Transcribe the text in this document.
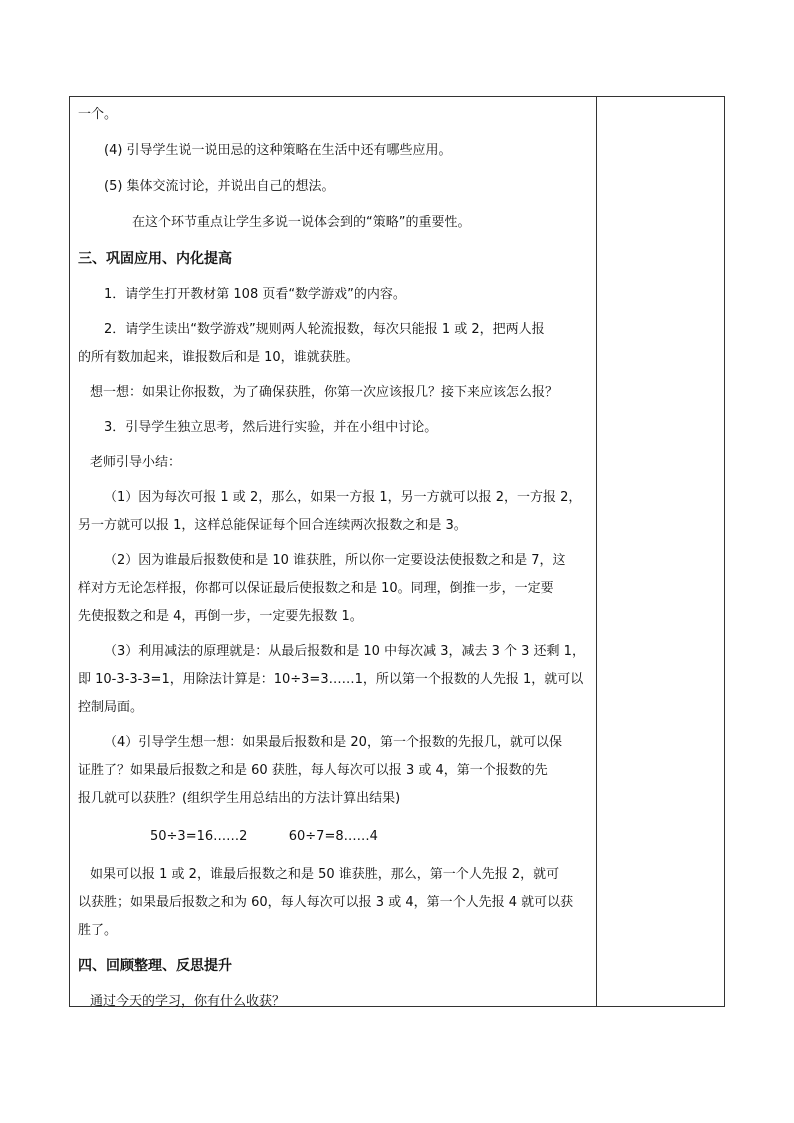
一个。

(4) 引导学生说一说田忌的这种策略在生活中还有哪些应用。

(5) 集体交流讨论，并说出自己的想法。

在这个环节重点让学生多说一说体会到的“策略”的重要性。

三、巩固应用、内化提高

1．请学生打开教材第 108 页看“数学游戏”的内容。

2．请学生读出“数学游戏”规则两人轮流报数，每次只能报 1 或 2，把两人报

的所有数加起来，谁报数后和是 10，谁就获胜。

想一想：如果让你报数，为了确保获胜，你第一次应该报几？接下来应该怎么报？

3．引导学生独立思考，然后进行实验，并在小组中讨论。

老师引导小结：

（1）因为每次可报 1 或 2，那么，如果一方报 1，另一方就可以报 2，一方报 2，

另一方就可以报 1，这样总能保证每个回合连续两次报数之和是 3。

（2）因为谁最后报数使和是 10 谁获胜，所以你一定要设法使报数之和是 7，这

样对方无论怎样报，你都可以保证最后使报数之和是 10。同理，倒推一步，一定要

先使报数之和是 4，再倒一步，一定要先报数 1。

（3）利用减法的原理就是：从最后报数和是 10 中每次减 3，减去 3 个 3 还剩 1，

即 10-3-3-3=1，用除法计算是：10÷3=3……1，所以第一个报数的人先报 1，就可以

控制局面。

（4）引导学生想一想：如果最后报数和是 20，第一个报数的先报几，就可以保

证胜了？如果最后报数之和是 60 获胜，每人每次可以报 3 或 4，第一个报数的先

报几就可以获胜？(组织学生用总结出的方法计算出结果)

50÷3=16……2	60÷7=8……4

如果可以报 1 或 2，谁最后报数之和是 50 谁获胜，那么，第一个人先报 2，就可

以获胜；如果最后报数之和为 60，每人每次可以报 3 或 4，第一个人先报 4 就可以获

胜了。

四、回顾整理、反思提升

通过今天的学习，你有什么收获？
